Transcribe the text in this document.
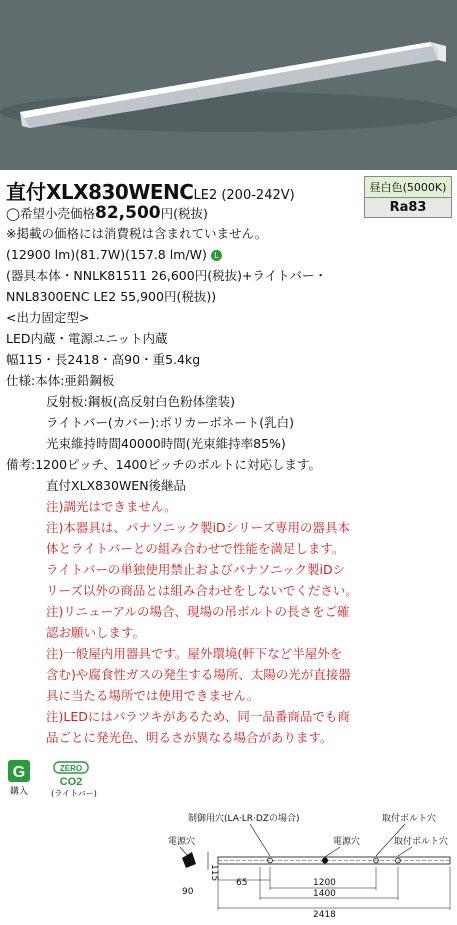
直付XLX830WENCLE2 (200-242V)
昼白色(5000K)
Ra83
◯希望小売価格82,500円(税抜)
※掲載の価格には消費税は含まれていません。
(12900 lm)(81.7W)(157.8 lm/W) L
(器具本体・NNLK81511 26,600円(税抜)+ライトバー・
NNL8300ENC LE2 55,900円(税抜))
<出力固定型>
LED内蔵・電源ユニット内蔵
幅115・長2418・高90・重5.4kg
仕様:本体:亜鉛鋼板
反射板:鋼板(高反射白色粉体塗装)
ライトバー(カバー):ポリカーボネート(乳白)
光束維持時間40000時間(光束維持率85%)
備考:1200ピッチ、1400ピッチのボルトに対応します。
直付XLX830WEN後継品
注)調光はできません。
注)本器具は、パナソニック製iDシリーズ専用の器具本
体とライトバーとの組み合わせで性能を満足します。
ライトバーの単独使用禁止およびパナソニック製iDシ
リーズ以外の商品とは組み合わせをしないでください。
注)リニューアルの場合、現場の吊ボルトの長さをご確
認お願いします。
注)一般屋内用器具です。屋外環境(軒下など半屋外を
含む)や腐食性ガスの発生する場所、太陽の光が直接器
具に当たる場所では使用できません。
注)LEDにはバラツキがあるため、同一品番商品でも商
品ごとに発光色、明るさが異なる場合があります。
G
購入
ZERO
CO2
(ライトバー)
制御用穴(LA·LR·DZの場合)	取付ボルト穴
電源穴	電源穴	取付ボルト穴
115
90
65	1200
1400
2418
